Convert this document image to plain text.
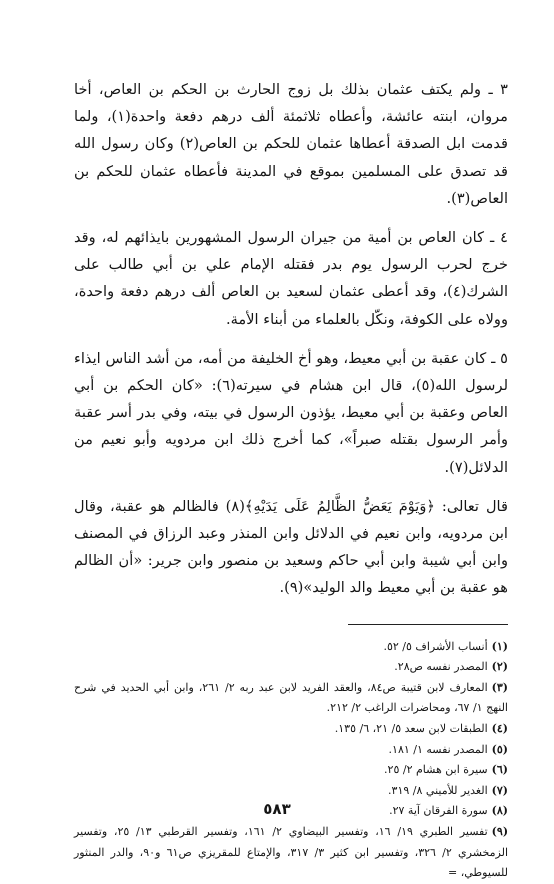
٣ ـ ولم يكتف عثمان بذلك بل زوج الحارث بن الحكم بن العاص، أخا مروان، ابنته عائشة، وأعطاه ثلاثمئة ألف درهم دفعة واحدة(١)، ولما قدمت ابل الصدقة أعطاها عثمان للحكم بن العاص(٢) وكان رسول الله قد تصدق على المسلمين بموقع في المدينة فأعطاه عثمان للحكم بن العاص(٣).

٤ ـ كان العاص بن أمية من جيران الرسول المشهورين بايذائهم له، وقد خرج لحرب الرسول يوم بدر فقتله الإمام علي بن أبي طالب على الشرك(٤)، وقد أعطى عثمان لسعيد بن العاص ألف درهم دفعة واحدة، وولاه على الكوفة، ونكّل بالعلماء من أبناء الأمة.

٥ ـ كان عقبة بن أبي معيط، وهو أخ الخليفة من أمه، من أشد الناس ايذاء لرسول الله(٥)، قال ابن هشام في سيرته(٦): «كان الحكم بن أبي العاص وعقبة بن أبي معيط، يؤذون الرسول في بيته، وفي بدر أسر عقبة وأمر الرسول بقتله صبراً»، كما أخرج ذلك ابن مردويه وأبو نعيم من الدلائل(٧).

قال تعالى: ﴿وَيَوْمَ يَعَضُّ الظَّالِمُ عَلَى يَدَيْهِ﴾(٨) فالظالم هو عقبة، وقال ابن مردويه، وابن نعيم في الدلائل وابن المنذر وعبد الرزاق في المصنف وابن أبي شيبة وابن أبي حاكم وسعيد بن منصور وابن جرير: «أن الظالم هو عقبة بن أبي معيط والد الوليد»(٩).

(١)أنساب الأشراف ٥/ ٥٢.
(٢)المصدر نفسه ص٢٨.
(٣)المعارف لابن قتيبة ص٨٤، والعقد الفريد لابن عبد ربه ٢/ ٢٦١، وابن أبي الحديد في شرح النهج ١/ ٦٧، ومحاضرات الراغب ٢/ ٢١٢.
(٤)الطبقات لابن سعد ٥/ ٢١، ٦/ ١٣٥.
(٥)المصدر نفسه ١/ ١٨١.
(٦)سيرة ابن هشام ٢/ ٢٥.
(٧)الغدير للأميني ٨/ ٣١٩.
(٨)سورة الفرقان آية ٢٧.
(٩)تفسير الطبري ١٩/ ١٦، وتفسير البيضاوي ٢/ ١٦١، وتفسير القرطبي ١٣/ ٢٥، وتفسير الزمخشري ٢/ ٣٢٦، وتفسير ابن كثير ٣/ ٣١٧، والإمتاع للمقريزي ص٦١ و٩٠، والدر المنثور للسيوطي، =
٥٨٣
